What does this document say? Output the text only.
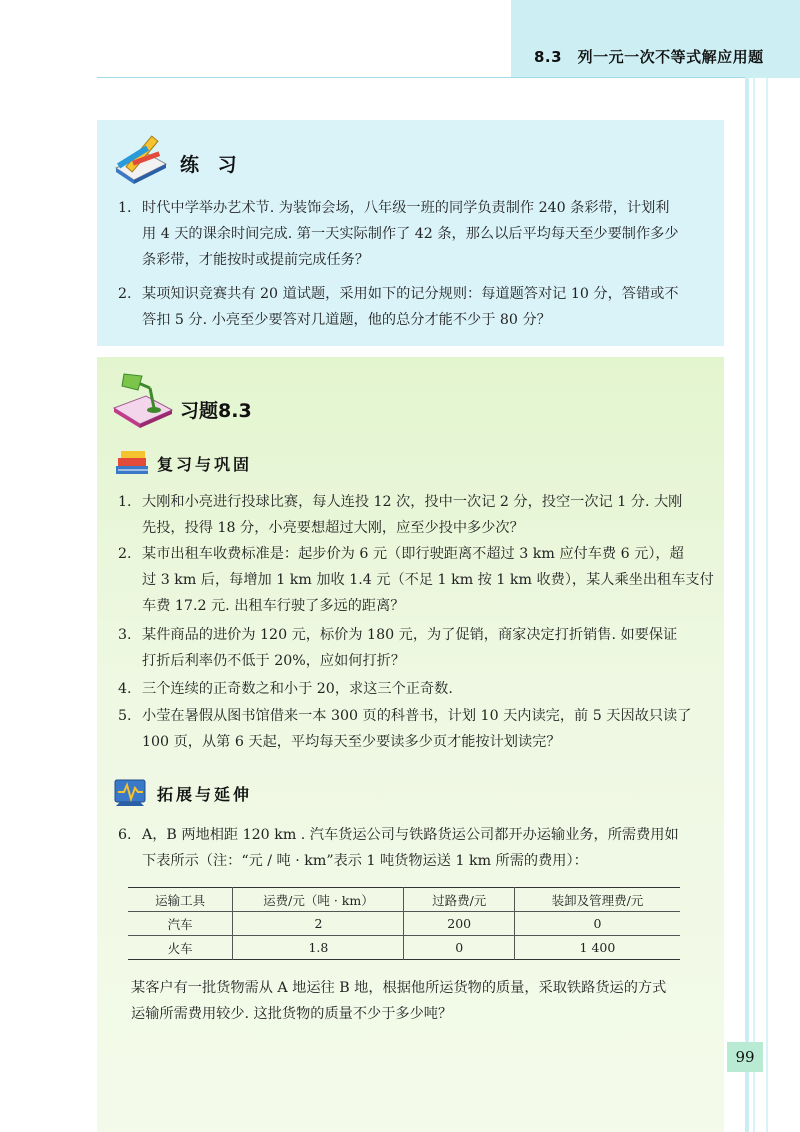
8.3　列一元一次不等式解应用题
练 习
1. 时代中学举办艺术节. 为装饰会场，八年级一班的同学负责制作 240 条彩带，计划利
用 4 天的课余时间完成. 第一天实际制作了 42 条，那么以后平均每天至少要制作多少
条彩带，才能按时或提前完成任务？
2. 某项知识竞赛共有 20 道试题，采用如下的记分规则：每道题答对记 10 分，答错或不
答扣 5 分. 小亮至少要答对几道题，他的总分才能不少于 80 分？
习题8.3
复习与巩固
1. 大刚和小亮进行投球比赛，每人连投 12 次，投中一次记 2 分，投空一次记 1 分. 大刚
先投，投得 18 分，小亮要想超过大刚，应至少投中多少次？
2. 某市出租车收费标准是：起步价为 6 元（即行驶距离不超过 3 km 应付车费 6 元），超
过 3 km 后，每增加 1 km 加收 1.4 元（不足 1 km 按 1 km 收费），某人乘坐出租车支付
车费 17.2 元. 出租车行驶了多远的距离？
3. 某件商品的进价为 120 元，标价为 180 元，为了促销，商家决定打折销售. 如要保证
打折后利率仍不低于 20%，应如何打折？
4. 三个连续的正奇数之和小于 20，求这三个正奇数.
5. 小莹在暑假从图书馆借来一本 300 页的科普书，计划 10 天内读完，前 5 天因故只读了
100 页，从第 6 天起，平均每天至少要读多少页才能按计划读完？
拓展与延伸
6. A，B 两地相距 120 km . 汽车货运公司与铁路货运公司都开办运输业务，所需费用如
下表所示（注：“元 / 吨 · km”表示 1 吨货物运送 1 km 所需的费用）：
运输工具	运费/元（吨 · km）	过路费/元	装卸及管理费/元
汽车	2	200	0
火车	1.8	0	1 400
某客户有一批货物需从 A 地运往 B 地，根据他所运货物的质量，采取铁路货运的方式
运输所需费用较少. 这批货物的质量不少于多少吨？
99
